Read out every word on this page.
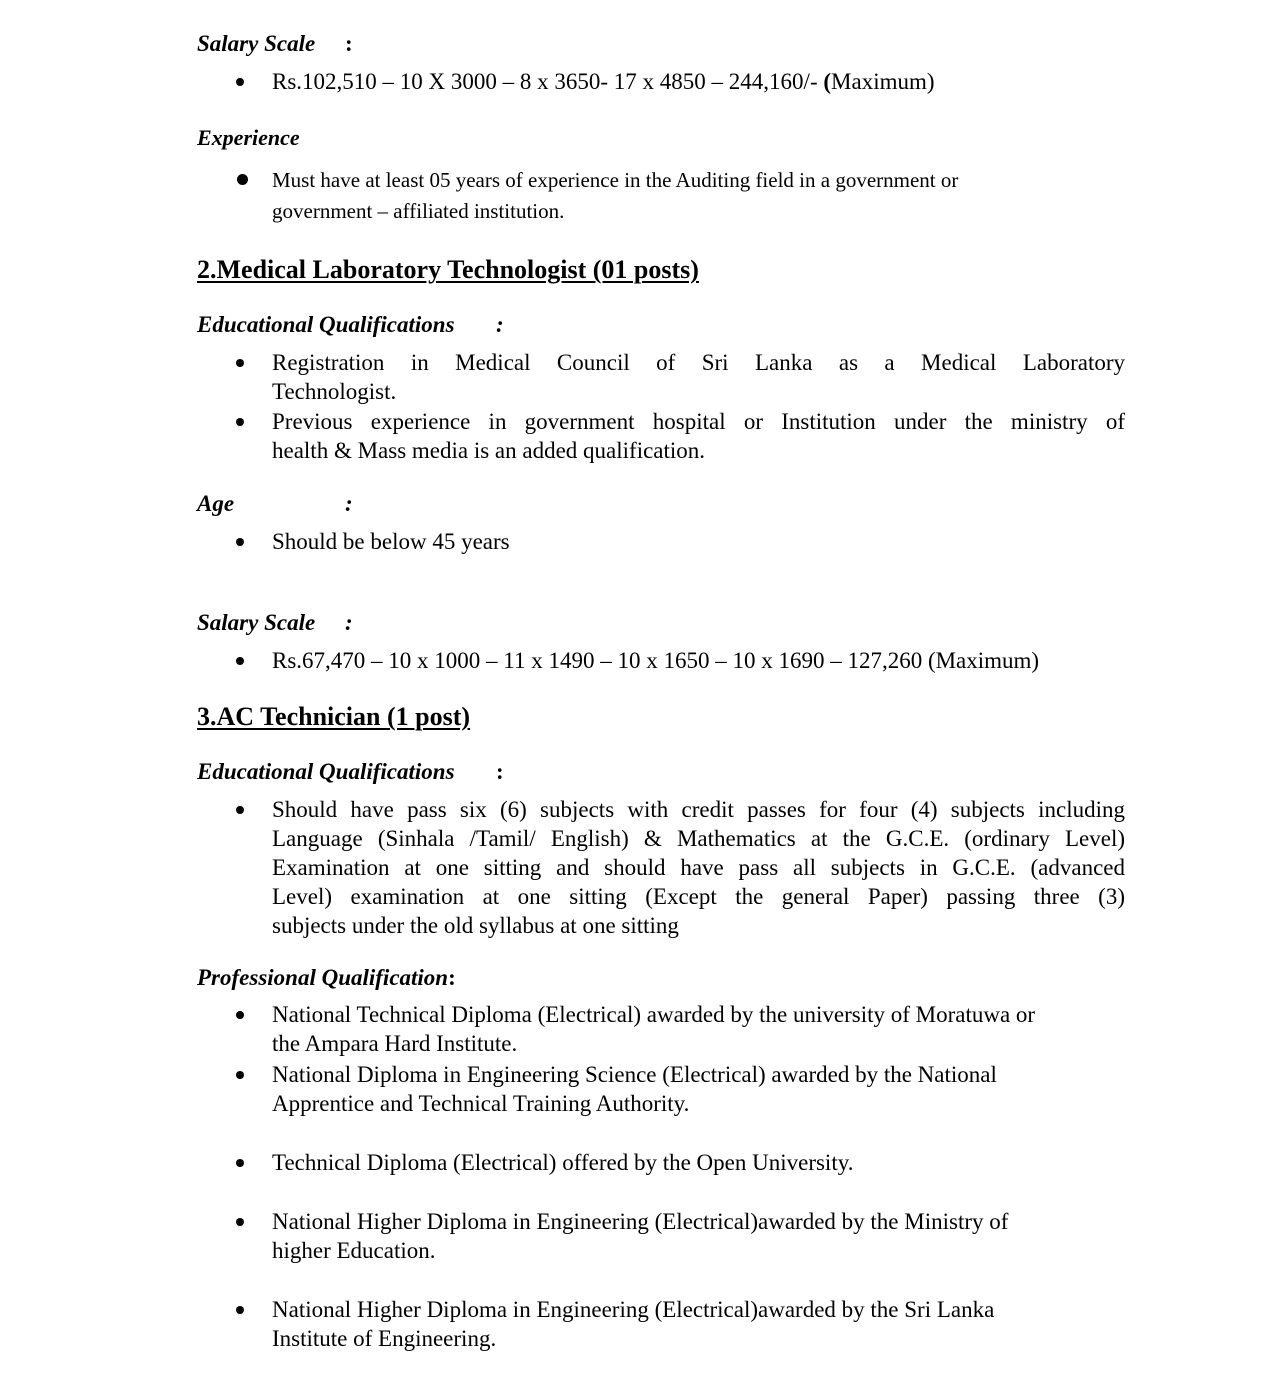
Salary Scale :
Rs.102,510 – 10 X 3000 – 8 x 3650- 17 x 4850 – 244,160/- (Maximum)
Experience
Must have at least 05 years of experience in the Auditing field in a government or
government – affiliated institution.
2.Medical Laboratory Technologist (01 posts)
Educational Qualifications :
Registration in Medical Council of Sri Lanka as a Medical Laboratory
Technologist.
Previous experience in government hospital or Institution under the ministry of
health & Mass media is an added qualification.
Age	:
Should be below 45 years
Salary Scale :
Rs.67,470 – 10 x 1000 – 11 x 1490 – 10 x 1650 – 10 x 1690 – 127,260 (Maximum)
3.AC Technician (1 post)
Educational Qualifications :
Should have pass six (6) subjects with credit passes for four (4) subjects including
Language (Sinhala /Tamil/ English) & Mathematics at the G.C.E. (ordinary Level)
Examination at one sitting and should have pass all subjects in G.C.E. (advanced
Level) examination at one sitting (Except the general Paper) passing three (3)
subjects under the old syllabus at one sitting
Professional Qualification:
National Technical Diploma (Electrical) awarded by the university of Moratuwa or
the Ampara Hard Institute.
National Diploma in Engineering Science (Electrical) awarded by the National
Apprentice and Technical Training Authority.
Technical Diploma (Electrical) offered by the Open University.
National Higher Diploma in Engineering (Electrical)awarded by the Ministry of
higher Education.
National Higher Diploma in Engineering (Electrical)awarded by the Sri Lanka
Institute of Engineering.
